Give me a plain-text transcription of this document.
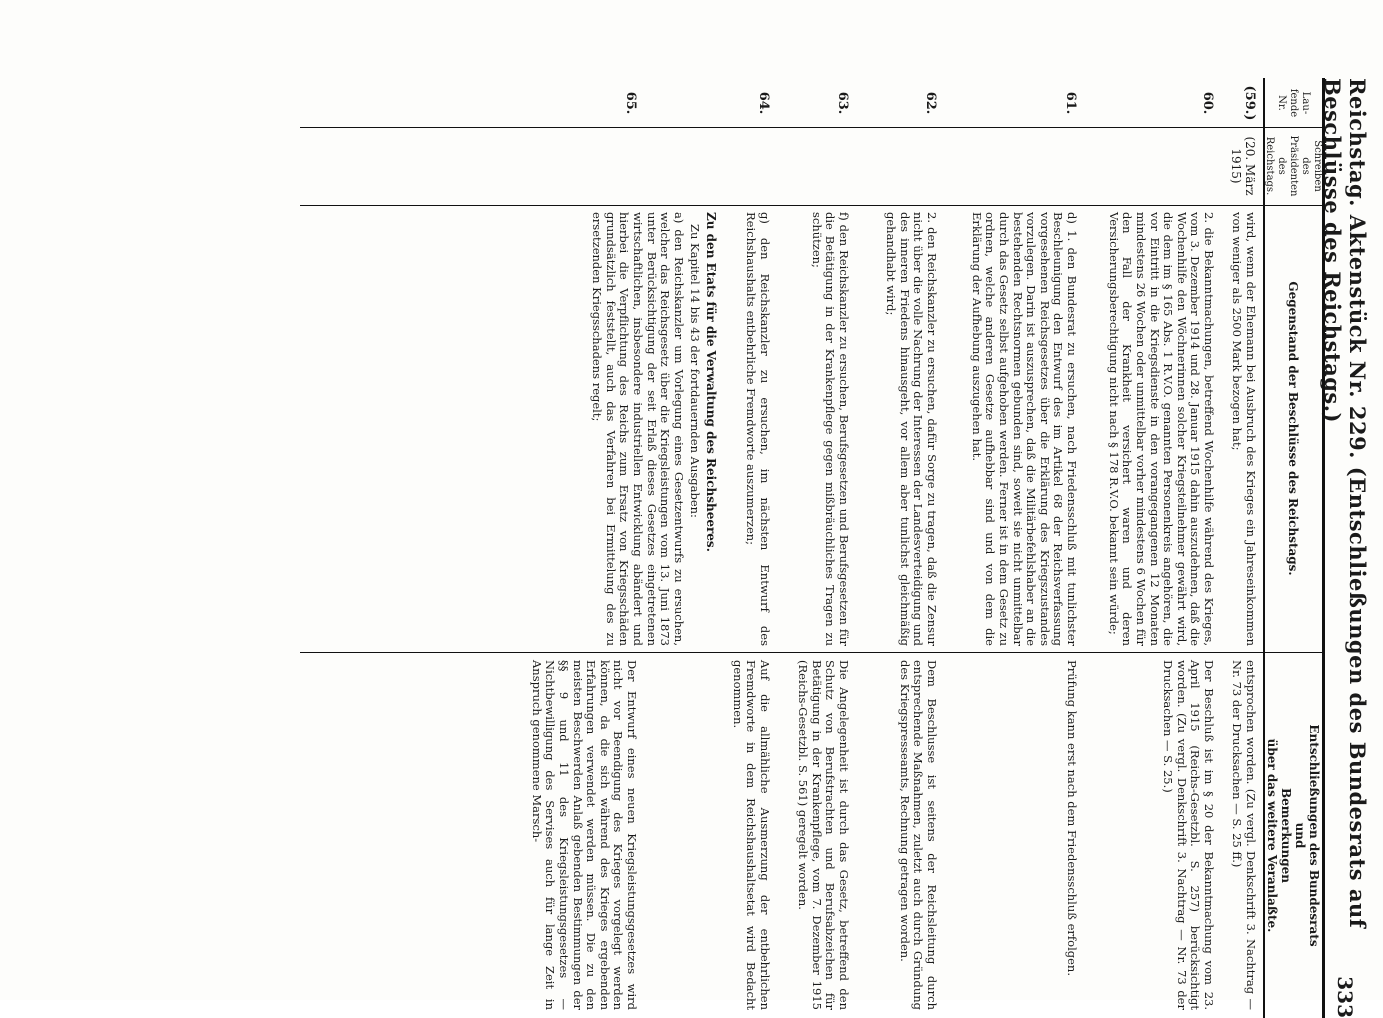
Reichstag. Aktenstück Nr. 229. (Entschließungen des Bundesrats auf Beschlüsse des Reichstags.)
333
Lau-
fende
Nr.
Schreiben
des
Präsidenten
des
Reichstags.
Gegenstand der Beschlüsse des Reichstags.
Entschließungen des Bundesrats
und
Bemerkungen
über das weitere Veranlaßte.
(59.)
(20. März
1915)
wird, wenn der Ehemann bei Ausbruch des Krieges ein Jahreseinkommen von weniger als 2500 Mark bezogen hat;
entsprochen worden. (Zu vergl. Denkschrift 3. Nachtrag — Nr. 73 der Drucksachen — S. 25 ff.)
60.
2. die Bekanntmachungen, betreffend Wochenhilfe während des Krieges, vom 3. Dezember 1914 und 28. Januar 1915 dahin auszudehnen, daß die Wochenhilfe den Wöchnerinnen solcher Kriegsteilnehmer gewährt wird, die dem im § 165 Abs. 1 R.V.O. genannten Personenkreis angehören, die vor Eintritt in die Kriegsdienste in den vorangegangenen 12 Monaten mindestens 26 Wochen oder unmittelbar vorher mindestens 6 Wochen für den Fall der Krankheit versichert waren und deren Versicherungsberechtigung nicht nach § 178 R.V.O. bekannt sein würde;
Der Beschluß ist im § 20 der Bekanntmachung vom 23. April 1915 (Reichs-Gesetzbl. S. 257) berücksichtigt worden. (Zu vergl. Denkschrift 3. Nachtrag — Nr. 73 der Drucksachen — S. 25.)
61.
d) 1. den Bundesrat zu ersuchen, nach Friedensschluß mit tunlichster Beschleunigung den Entwurf des im Artikel 68 der Reichsverfassung vorgesehenen Reichsgesetzes über die Erklärung des Kriegszustandes vorzulegen. Darin ist auszusprechen, daß die Militärbefehlshaber an die bestehenden Rechtsnormen gebunden sind, soweit sie nicht unmittelbar durch das Gesetz selbst aufgehoben werden. Ferner ist in dem Gesetz zu ordnen, welche anderen Gesetze aufhebbar sind und von dem die Erklärung der Aufhebung auszugehen hat.
Prüfung kann erst nach dem Friedensschluß erfolgen.
62.
2. den Reichskanzler zu ersuchen, dafür Sorge zu tragen, daß die Zensur nicht über die volle Nachrung der Interessen der Landesverteidigung und des inneren Friedens hinausgeht, vor allem aber tunlichst gleichmäßig gehandhabt wird;
Dem Beschlusse ist seitens der Reichsleitung durch entsprechende Maßnahmen, zuletzt auch durch Gründung des Kriegspresseamts, Rechnung getragen worden.
63.
f) den Reichskanzler zu ersuchen, Berufsgesetzen und Berufsgesetzen für die Betätigung in der Krankenpflege gegen mißbräuchliches Tragen zu schützen;
Die Angelegenheit ist durch das Gesetz, betreffend den Schutz von Berufstrachten und Berufsabzeichen für Betätigung in der Krankenpflege, vom 7. Dezember 1915 (Reichs-Gesetzbl. S. 561) geregelt worden.
64.
g) den Reichskanzler zu ersuchen, im nächsten Entwurf des Reichshaushalts entbehrliche Fremdworte auszumerzen;
Auf die allmähliche Ausmerzung der entbehrlichen Fremdworte in dem Reichshaushaltsetat wird Bedacht genommen.
65.
Zu den Etats für die Verwaltung des Reichsheeres.
Zu Kapitel 14 bis 43 der fortdauernden Ausgaben:
a) den Reichskanzler um Vorlegung eines Gesetzentwurfs zu ersuchen, welcher das Reichsgesetz über die Kriegsleistungen vom 13. Juni 1873 unter Berücksichtigung der seit Erlaß dieses Gesetzes eingetretenen wirtschaftlichen, insbesondere industriellen Entwicklung abändert und hierbei die Verpflichtung des Reichs zum Ersatz von Kriegsschäden grundsätzlich feststellt, auch das Verfahren bei Ermittelung des zu ersetzenden Kriegsschadens regelt;
Der Entwurf eines neuen Kriegsleistungsgesetzes wird nicht vor Beendigung des Krieges vorgelegt werden können, da die sich während des Krieges ergebenden Erfahrungen verwendet werden müssen. Die zu den meisten Beschwerden Anlaß gebenden Bestimmungen der §§ 9 und 11 des Kriegsleistungsgesetzes — Nichtbewilligung des Servises auch für lange Zeit in Anspruch genommene Marsch-
